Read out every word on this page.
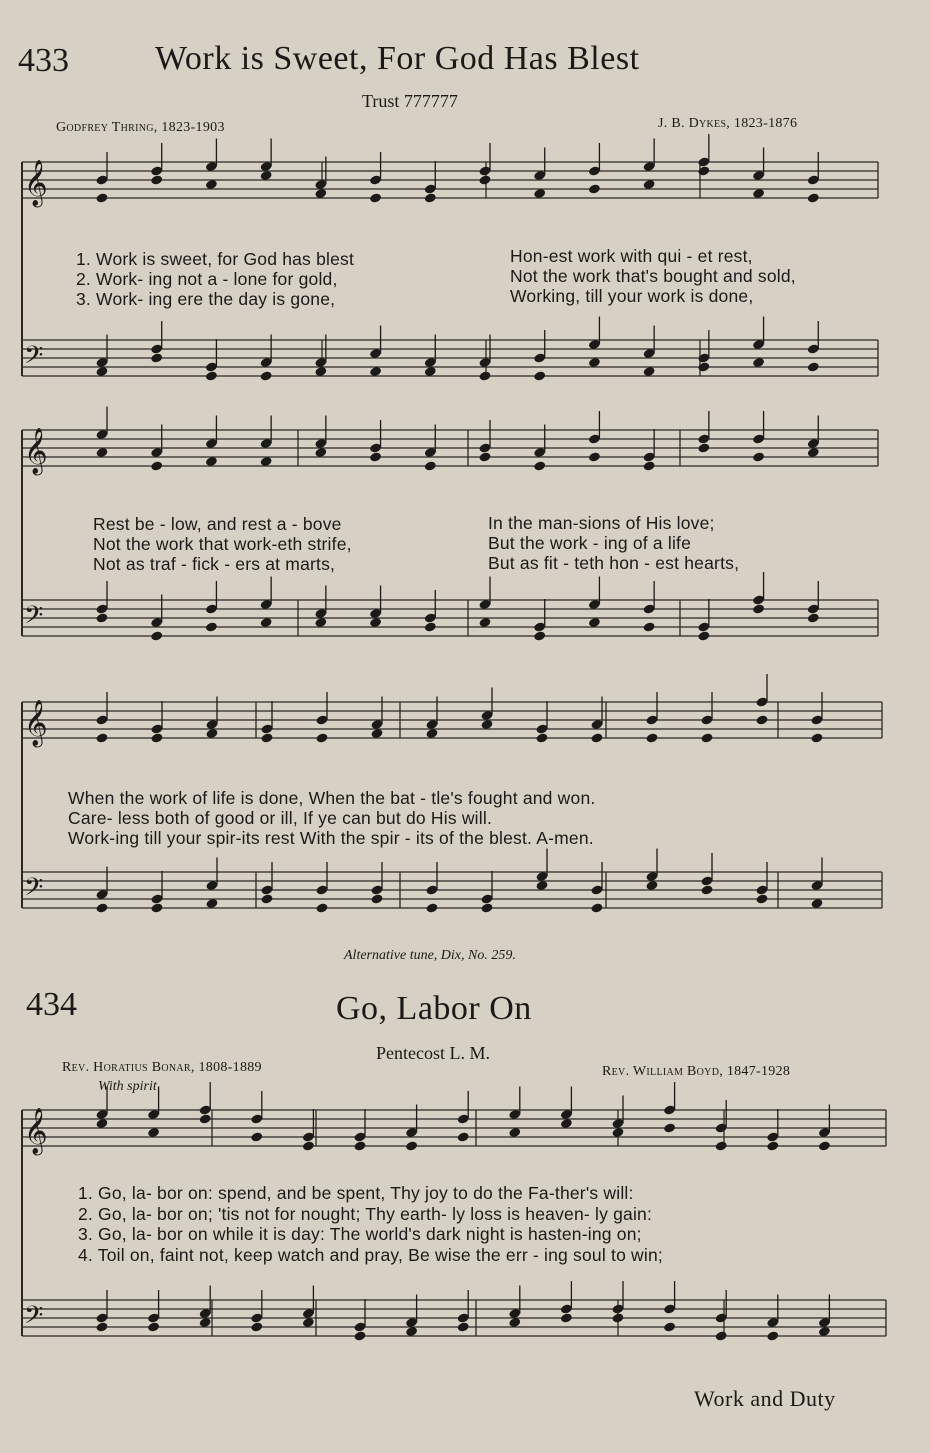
433	Work is Sweet, For God Has Blest
Trust 777777
Godfrey Thring, 1823-1903	J. B. Dykes, 1823-1876
𝄞
𝄢
𝄞
𝄢
𝄞
𝄢
𝄞
𝄢
1. Work is sweet, for God has blest
2. Work- ing not a - lone for gold,
3. Work- ing ere the day is gone,
Hon-est work with qui - et rest,
Not the work that's bought and sold,
Working, till your work is done,
Rest be - low, and rest a - bove
Not the work that work-eth strife,
Not as traf - fick - ers at marts,
In the man-sions of His love;
But the work - ing of a life
But as fit - teth hon - est hearts,
When the work of life is done, When the bat - tle's fought and won.
Care- less both of good or ill, If ye can but do His will.
Work-ing till your spir-its rest With the spir - its of the blest. A-men.
Alternative tune, Dix, No. 259.
434	Go, Labor On
Pentecost L. M.
Rev. Horatius Bonar, 1808-1889	Rev. William Boyd, 1847-1928
With spirit
1. Go, la- bor on: spend, and be spent, Thy joy to do the Fa-ther's will:
2. Go, la- bor on; 'tis not for nought; Thy earth- ly loss is heaven- ly gain:
3. Go, la- bor on while it is day: The world's dark night is hasten-ing on;
4. Toil on, faint not, keep watch and pray, Be wise the err - ing soul to win;
Work and Duty
